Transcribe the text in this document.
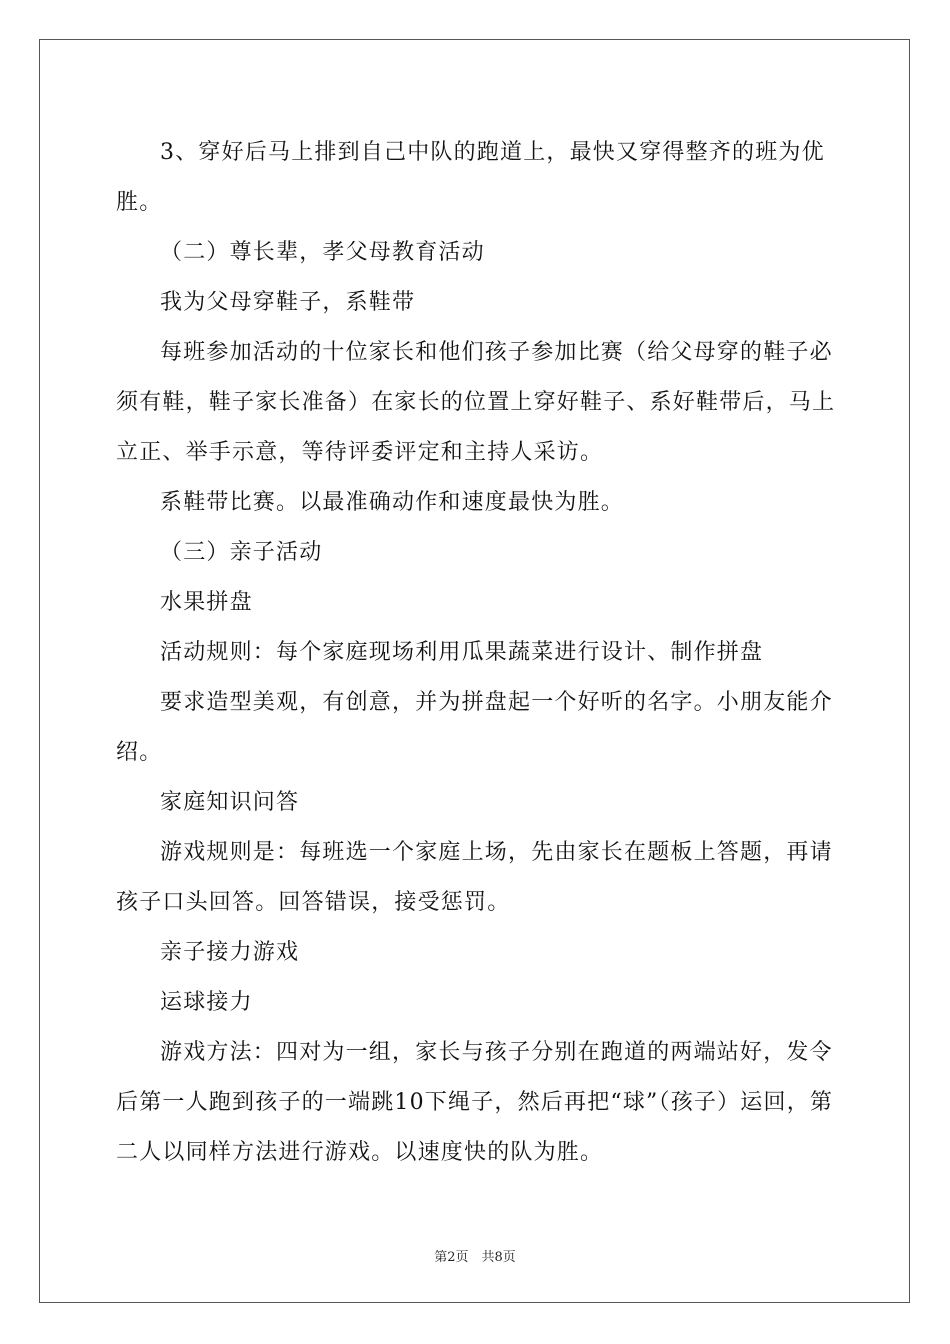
3、穿好后马上排到自己中队的跑道上，最快又穿得整齐的班为优胜。

（二）尊长辈，孝父母教育活动

我为父母穿鞋子，系鞋带

每班参加活动的十位家长和他们孩子参加比赛（给父母穿的鞋子必须有鞋，鞋子家长准备）在家长的位置上穿好鞋子、系好鞋带后，马上立正、举手示意，等待评委评定和主持人采访。

系鞋带比赛。以最准确动作和速度最快为胜。

（三）亲子活动

水果拼盘

活动规则：每个家庭现场利用瓜果蔬菜进行设计、制作拼盘

要求造型美观，有创意，并为拼盘起一个好听的名字。小朋友能介绍。

家庭知识问答

游戏规则是：每班选一个家庭上场，先由家长在题板上答题，再请孩子口头回答。回答错误，接受惩罚。

亲子接力游戏

运球接力

游戏方法：四对为一组，家长与孩子分别在跑道的两端站好，发令后第一人跑到孩子的一端跳10下绳子，然后再把“球”（孩子）运回，第二人以同样方法进行游戏。以速度快的队为胜。

第2页　共8页
